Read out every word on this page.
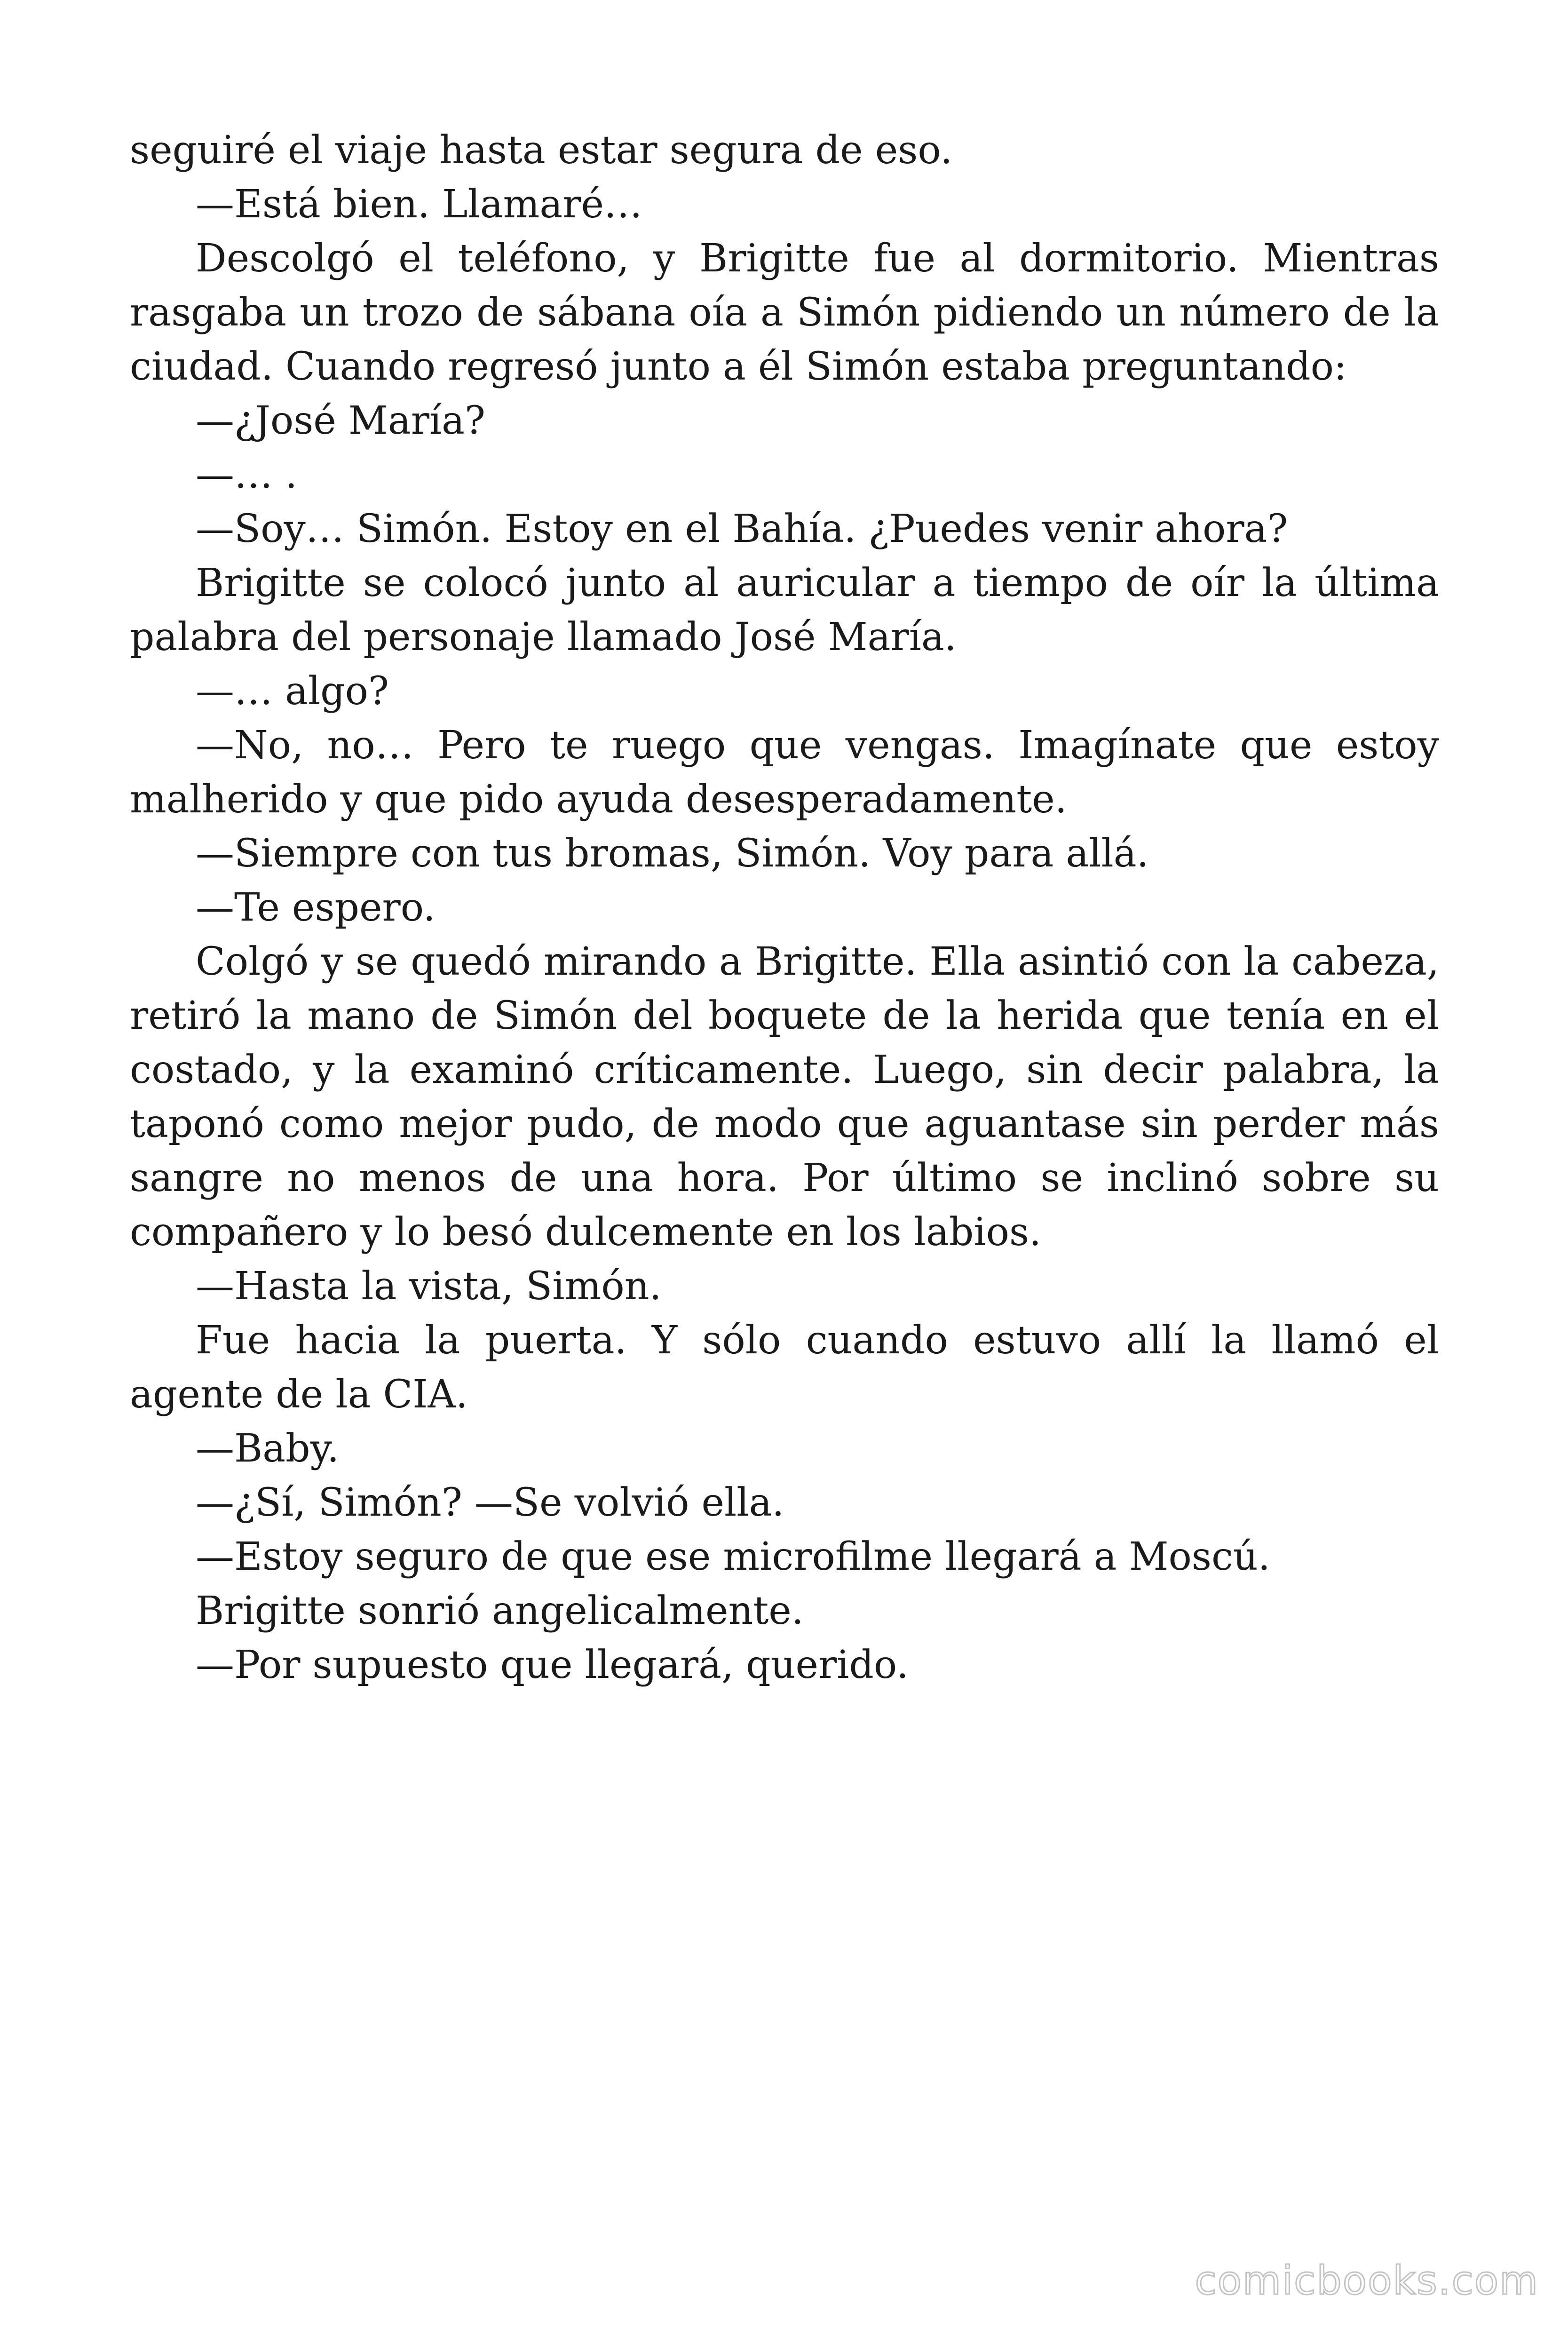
seguiré el viaje hasta estar segura de eso.

—Está bien. Llamaré…

Descolgó el teléfono, y Brigitte fue al dormitorio. Mientras rasgaba un trozo de sábana oía a Simón pidiendo un número de la ciudad. Cuando regresó junto a él Simón estaba preguntando:

—¿José María?

—… .

—Soy… Simón. Estoy en el Bahía. ¿Puedes venir ahora?

Brigitte se colocó junto al auricular a tiempo de oír la última palabra del personaje llamado José María.

—… algo?

—No, no… Pero te ruego que vengas. Imagínate que estoy malherido y que pido ayuda desesperadamente.

—Siempre con tus bromas, Simón. Voy para allá.

—Te espero.

Colgó y se quedó mirando a Brigitte. Ella asintió con la cabeza, retiró la mano de Simón del boquete de la herida que tenía en el costado, y la examinó críticamente. Luego, sin decir palabra, la taponó como mejor pudo, de modo que aguantase sin perder más sangre no menos de una hora. Por último se inclinó sobre su compañero y lo besó dulcemente en los labios.

—Hasta la vista, Simón.

Fue hacia la puerta. Y sólo cuando estuvo allí la llamó el agente de la CIA.

—Baby.

—¿Sí, Simón? —Se volvió ella.

—Estoy seguro de que ese microfilme llegará a Moscú.

Brigitte sonrió angelicalmente.

—Por supuesto que llegará, querido.

comicbooks.com
